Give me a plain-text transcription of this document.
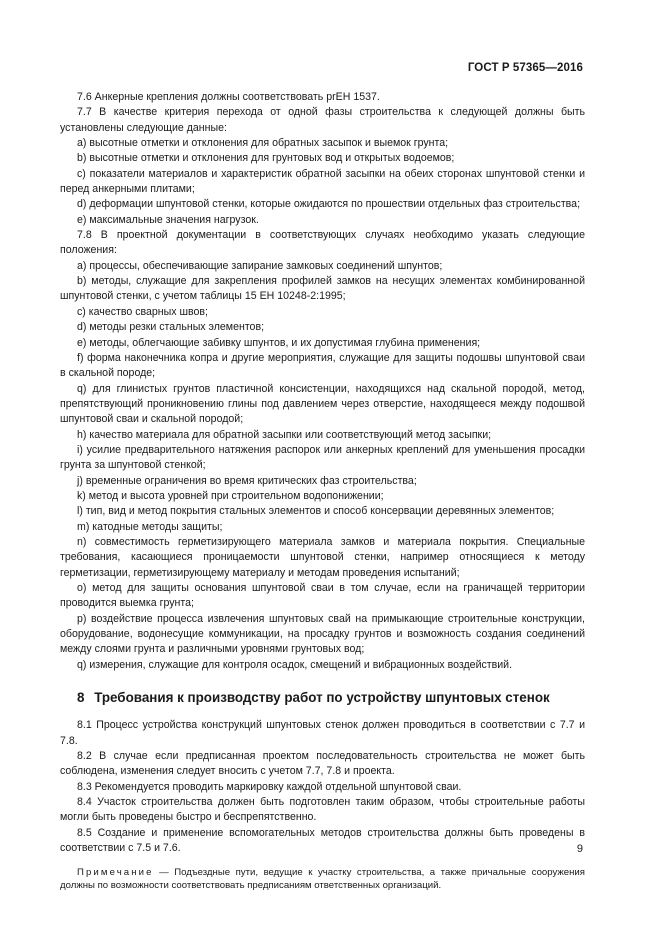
ГОСТ Р 57365—2016

7.6 Анкерные крепления должны соответствовать prEH 1537.

7.7 В качестве критерия перехода от одной фазы строительства к следующей должны быть установлены следующие данные:

a) высотные отметки и отклонения для обратных засыпок и выемок грунта;

b) высотные отметки и отклонения для грунтовых вод и открытых водоемов;

c) показатели материалов и характеристик обратной засыпки на обеих сторонах шпунтовой стенки и перед анкерными плитами;

d) деформации шпунтовой стенки, которые ожидаются по прошествии отдельных фаз строительства;

e) максимальные значения нагрузок.

7.8 В проектной документации в соответствующих случаях необходимо указать следующие положения:

a) процессы, обеспечивающие запирание замковых соединений шпунтов;

b) методы, служащие для закрепления профилей замков на несущих элементах комбинированной шпунтовой стенки, с учетом таблицы 15 EH 10248-2:1995;

c) качество сварных швов;

d) методы резки стальных элементов;

e) методы, облегчающие забивку шпунтов, и их допустимая глубина применения;

f) форма наконечника копра и другие мероприятия, служащие для защиты подошвы шпунтовой сваи в скальной породе;

q) для глинистых грунтов пластичной консистенции, находящихся над скальной породой, метод, препятствующий проникновению глины под давлением через отверстие, находящееся между подошвой шпунтовой сваи и скальной породой;

h) качество материала для обратной засыпки или соответствующий метод засыпки;

i) усилие предварительного натяжения распорок или анкерных креплений для уменьшения просадки грунта за шпунтовой стенкой;

j) временные ограничения во время критических фаз строительства;

k) метод и высота уровней при строительном водопонижении;

l) тип, вид и метод покрытия стальных элементов и способ консервации деревянных элементов;

m) катодные методы защиты;

n) совместимость герметизирующего материала замков и материала покрытия. Специальные требования, касающиеся проницаемости шпунтовой стенки, например относящиеся к методу герметизации, герметизирующему материалу и методам проведения испытаний;

o) метод для защиты основания шпунтовой сваи в том случае, если на граничащей территории проводится выемка грунта;

p) воздействие процесса извлечения шпунтовых свай на примыкающие строительные конструкции, оборудование, водонесущие коммуникации, на просадку грунтов и возможность создания соединений между слоями грунта и различными уровнями грунтовых вод;

q) измерения, служащие для контроля осадок, смещений и вибрационных воздействий.

8 Требования к производству работ по устройству шпунтовых стенок

8.1 Процесс устройства конструкций шпунтовых стенок должен проводиться в соответствии с 7.7 и 7.8.

8.2 В случае если предписанная проектом последовательность строительства не может быть соблюдена, изменения следует вносить с учетом 7.7, 7.8 и проекта.

8.3 Рекомендуется проводить маркировку каждой отдельной шпунтовой сваи.

8.4 Участок строительства должен быть подготовлен таким образом, чтобы строительные работы могли быть проведены быстро и беспрепятственно.

8.5 Создание и применение вспомогательных методов строительства должны быть проведены в соответствии с 7.5 и 7.6.

Примечание — Подъездные пути, ведущие к участку строительства, а также причальные сооружения должны по возможности соответствовать предписаниям ответственных организаций.

9
